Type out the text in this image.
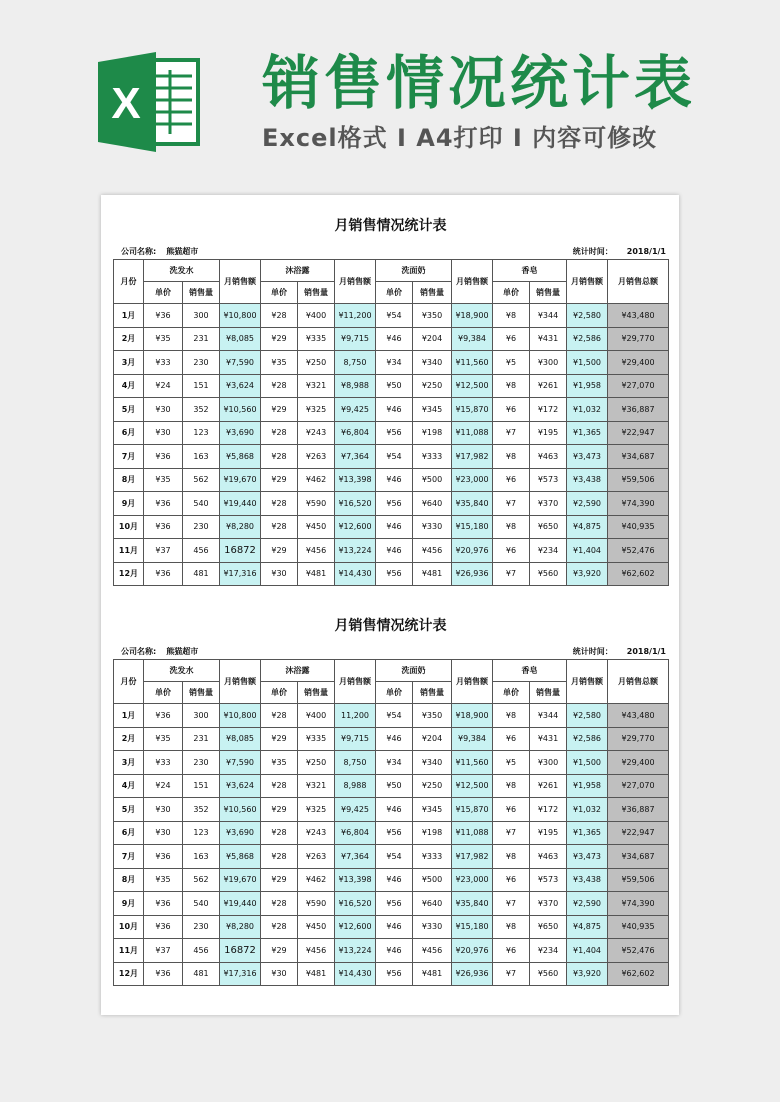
X 销售情况统计表
Excel格式 I A4打印 I 内容可修改
月销售情况统计表
公司名称: 熊猫超市	统计时间： 2018/1/1
月份	洗发水		月销售额	沐浴露		月销售额	洗面奶		月销售额	香皂		月销售额	月销售总额
	单价	销售量		单价	销售量		单价	销售量		单价	销售量		
1月	¥36	300	¥10,800	¥28	¥400	¥11,200	¥54	¥350	¥18,900	¥8	¥344	¥2,580	¥43,480
2月	¥35	231	¥8,085	¥29	¥335	¥9,715	¥46	¥204	¥9,384	¥6	¥431	¥2,586	¥29,770
3月	¥33	230	¥7,590	¥35	¥250	8,750	¥34	¥340	¥11,560	¥5	¥300	¥1,500	¥29,400
4月	¥24	151	¥3,624	¥28	¥321	¥8,988	¥50	¥250	¥12,500	¥8	¥261	¥1,958	¥27,070
5月	¥30	352	¥10,560	¥29	¥325	¥9,425	¥46	¥345	¥15,870	¥6	¥172	¥1,032	¥36,887
6月	¥30	123	¥3,690	¥28	¥243	¥6,804	¥56	¥198	¥11,088	¥7	¥195	¥1,365	¥22,947
7月	¥36	163	¥5,868	¥28	¥263	¥7,364	¥54	¥333	¥17,982	¥8	¥463	¥3,473	¥34,687
8月	¥35	562	¥19,670	¥29	¥462	¥13,398	¥46	¥500	¥23,000	¥6	¥573	¥3,438	¥59,506
9月	¥36	540	¥19,440	¥28	¥590	¥16,520	¥56	¥640	¥35,840	¥7	¥370	¥2,590	¥74,390
10月	¥36	230	¥8,280	¥28	¥450	¥12,600	¥46	¥330	¥15,180	¥8	¥650	¥4,875	¥40,935
11月	¥37	456	16872	¥29	¥456	¥13,224	¥46	¥456	¥20,976	¥6	¥234	¥1,404	¥52,476
12月	¥36	481	¥17,316	¥30	¥481	¥14,430	¥56	¥481	¥26,936	¥7	¥560	¥3,920	¥62,602
月销售情况统计表
公司名称: 熊猫超市	统计时间： 2018/1/1
月份	洗发水		月销售额	沐浴露		月销售额	洗面奶		月销售额	香皂		月销售额	月销售总额
	单价	销售量		单价	销售量		单价	销售量		单价	销售量		
1月	¥36	300	¥10,800	¥28	¥400	11,200	¥54	¥350	¥18,900	¥8	¥344	¥2,580	¥43,480
2月	¥35	231	¥8,085	¥29	¥335	¥9,715	¥46	¥204	¥9,384	¥6	¥431	¥2,586	¥29,770
3月	¥33	230	¥7,590	¥35	¥250	8,750	¥34	¥340	¥11,560	¥5	¥300	¥1,500	¥29,400
4月	¥24	151	¥3,624	¥28	¥321	8,988	¥50	¥250	¥12,500	¥8	¥261	¥1,958	¥27,070
5月	¥30	352	¥10,560	¥29	¥325	¥9,425	¥46	¥345	¥15,870	¥6	¥172	¥1,032	¥36,887
6月	¥30	123	¥3,690	¥28	¥243	¥6,804	¥56	¥198	¥11,088	¥7	¥195	¥1,365	¥22,947
7月	¥36	163	¥5,868	¥28	¥263	¥7,364	¥54	¥333	¥17,982	¥8	¥463	¥3,473	¥34,687
8月	¥35	562	¥19,670	¥29	¥462	¥13,398	¥46	¥500	¥23,000	¥6	¥573	¥3,438	¥59,506
9月	¥36	540	¥19,440	¥28	¥590	¥16,520	¥56	¥640	¥35,840	¥7	¥370	¥2,590	¥74,390
10月	¥36	230	¥8,280	¥28	¥450	¥12,600	¥46	¥330	¥15,180	¥8	¥650	¥4,875	¥40,935
11月	¥37	456	16872	¥29	¥456	¥13,224	¥46	¥456	¥20,976	¥6	¥234	¥1,404	¥52,476
12月	¥36	481	¥17,316	¥30	¥481	¥14,430	¥56	¥481	¥26,936	¥7	¥560	¥3,920	¥62,602
